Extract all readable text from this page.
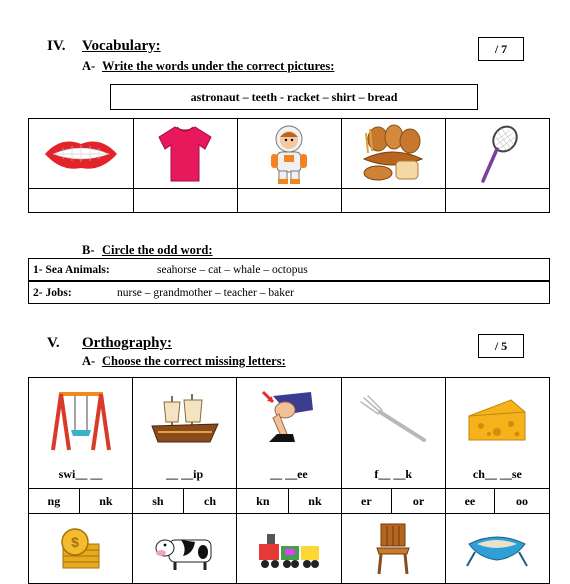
IV. Vocabulary:	/ 7
A- Write the words under the correct pictures:
astronaut – teeth - racket – shirt – bread

B- Circle the odd word:
1- Sea Animals:	seahorse – cat – whale – octopus
2- Jobs:	nurse – grandmother – teacher – baker
V. Orthography:	/ 5
A- Choose the correct missing letters:
swi__ __		__ __ip		__ __ee		f__ __k		ch__ __se	

ng	nk	sh	ch	kn	nk	er	or	ee	oo

$
